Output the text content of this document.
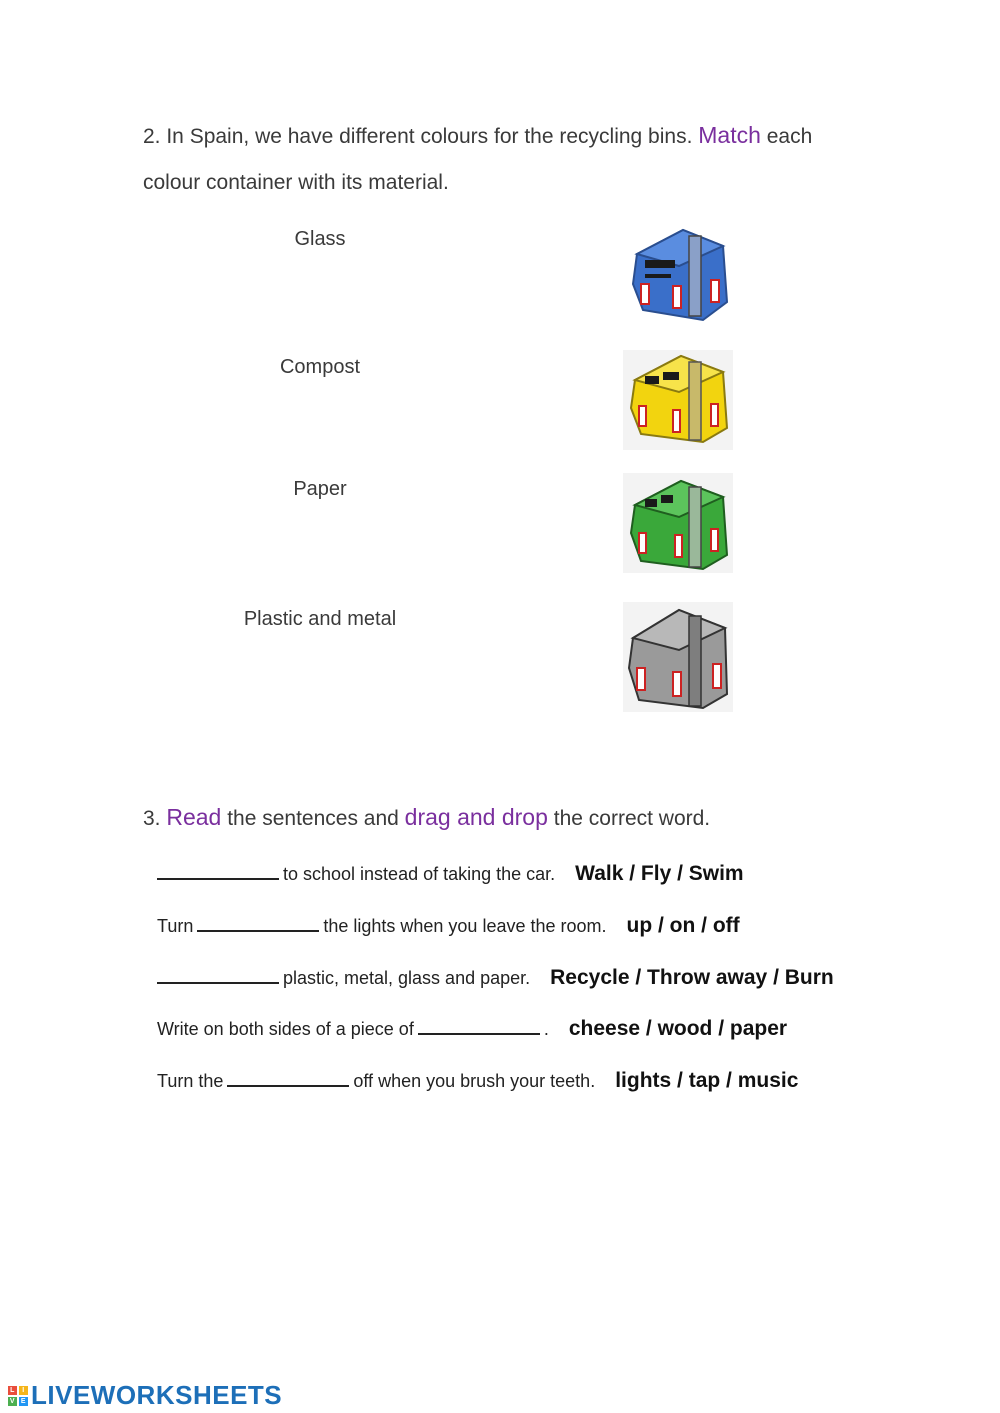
2. In Spain, we have different colours for the recycling bins. Match each
colour container with its material.
Glass
Compost
Paper
Plastic and metal
3. Read the sentences and drag and drop the correct word.
to school instead of taking the car. Walk / Fly / Swim
Turn	the lights when you leave the room. up / on / off
plastic, metal, glass and paper. Recycle / Throw away / Burn
Write on both sides of a piece of	. cheese / wood / paper
Turn the	off when you brush your teeth. lights / tap / music
L	I
V E LIVEWORKSHEETS
